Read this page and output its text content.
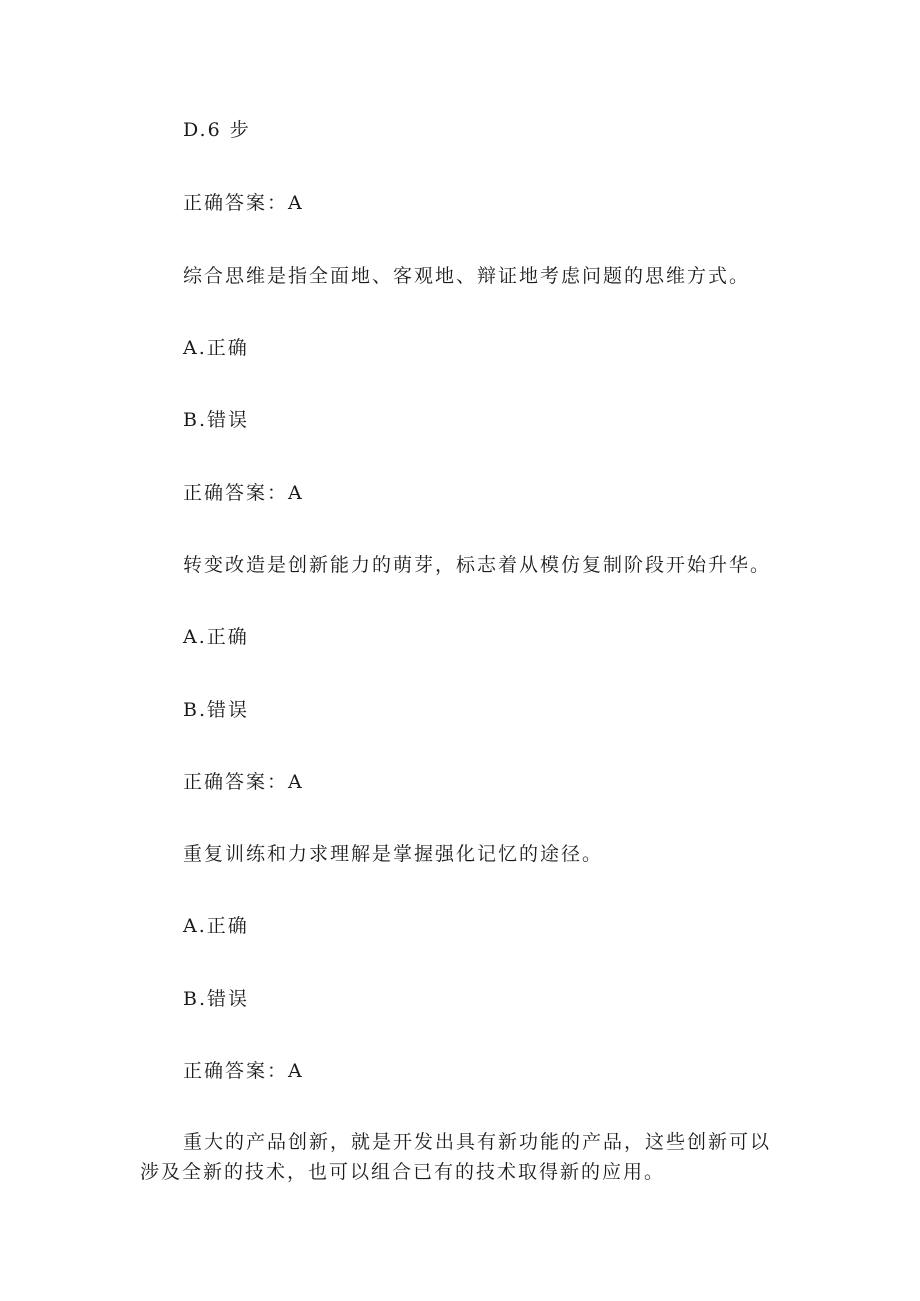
D.6 步
正确答案：A
综合思维是指全面地、客观地、辩证地考虑问题的思维方式。
A.正确
B.错误
正确答案：A
转变改造是创新能力的萌芽，标志着从模仿复制阶段开始升华。
A.正确
B.错误
正确答案：A
重复训练和力求理解是掌握强化记忆的途径。
A.正确
B.错误
正确答案：A
重大的产品创新，就是开发出具有新功能的产品，这些创新可以涉及全新的技术，也可以组合已有的技术取得新的应用。
